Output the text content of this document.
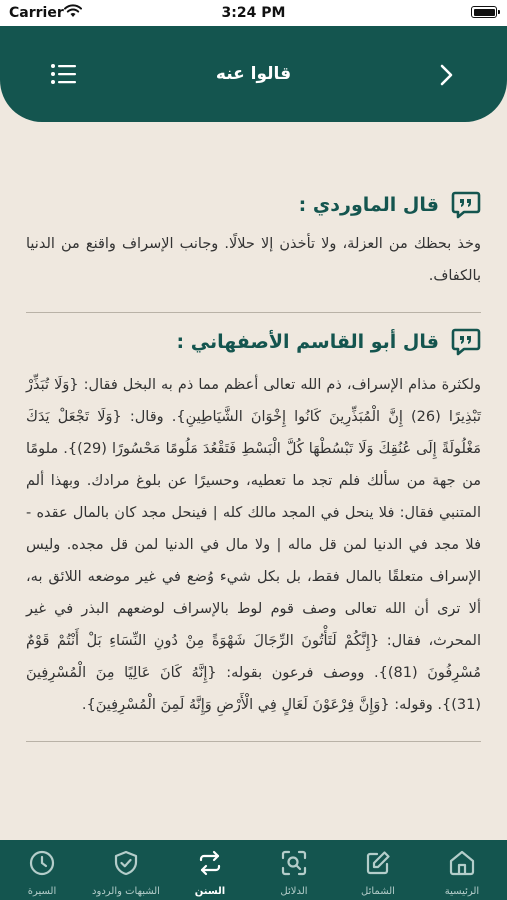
Carrier	3:24 PM
قالوا عنه
قال الماوردي :

وخذ بحظك من العزلة، ولا تأخذن إلا حلالًا. وجانب الإسراف واقنع من الدنيا بالكفاف.

قال أبو القاسم الأصفهاني :

ولكثرة مذام الإسراف، ذم الله تعالى أعظم مما ذم به البخل فقال: {وَلَا تُبَذِّرْ تَبْذِيرًا (26) إِنَّ الْمُبَذِّرِينَ كَانُوا إِخْوَانَ الشَّيَاطِينِ}. وقال: {وَلَا تَجْعَلْ يَدَكَ مَغْلُولَةً إِلَى عُنُقِكَ وَلَا تَبْسُطْهَا كُلَّ الْبَسْطِ فَتَقْعُدَ مَلُومًا مَحْسُورًا (29)}. ملومًا من جهة من سألك فلم تجد ما تعطيه، وحسيرًا عن بلوغ مرادك. وبهذا ألم المتنبي فقال: فلا ينحل في المجد مالك كله | فينحل مجد كان بالمال عقده - فلا مجد في الدنيا لمن قل ماله | ولا مال في الدنيا لمن قل مجده. وليس الإسراف متعلقًا بالمال فقط، بل بكل شيء وُضع في غير موضعه اللائق به، ألا ترى أن الله تعالى وصف قوم لوط بالإسراف لوضعهم البذر في غير المحرث، فقال: {إِنَّكُمْ لَتَأْتُونَ الرِّجَالَ شَهْوَةً مِنْ دُونِ النِّسَاءِ بَلْ أَنْتُمْ قَوْمٌ مُسْرِفُونَ (81)}. ووصف فرعون بقوله: {إِنَّهُ كَانَ عَالِيًا مِنَ الْمُسْرِفِينَ (31)}. وقوله: {وَإِنَّ فِرْعَوْنَ لَعَالٍ فِي الْأَرْضِ وَإِنَّهُ لَمِنَ الْمُسْرِفِينَ}.

السيرة	الشبهات والردود	السنن	الدلائل	الشمائل	الرئيسية
